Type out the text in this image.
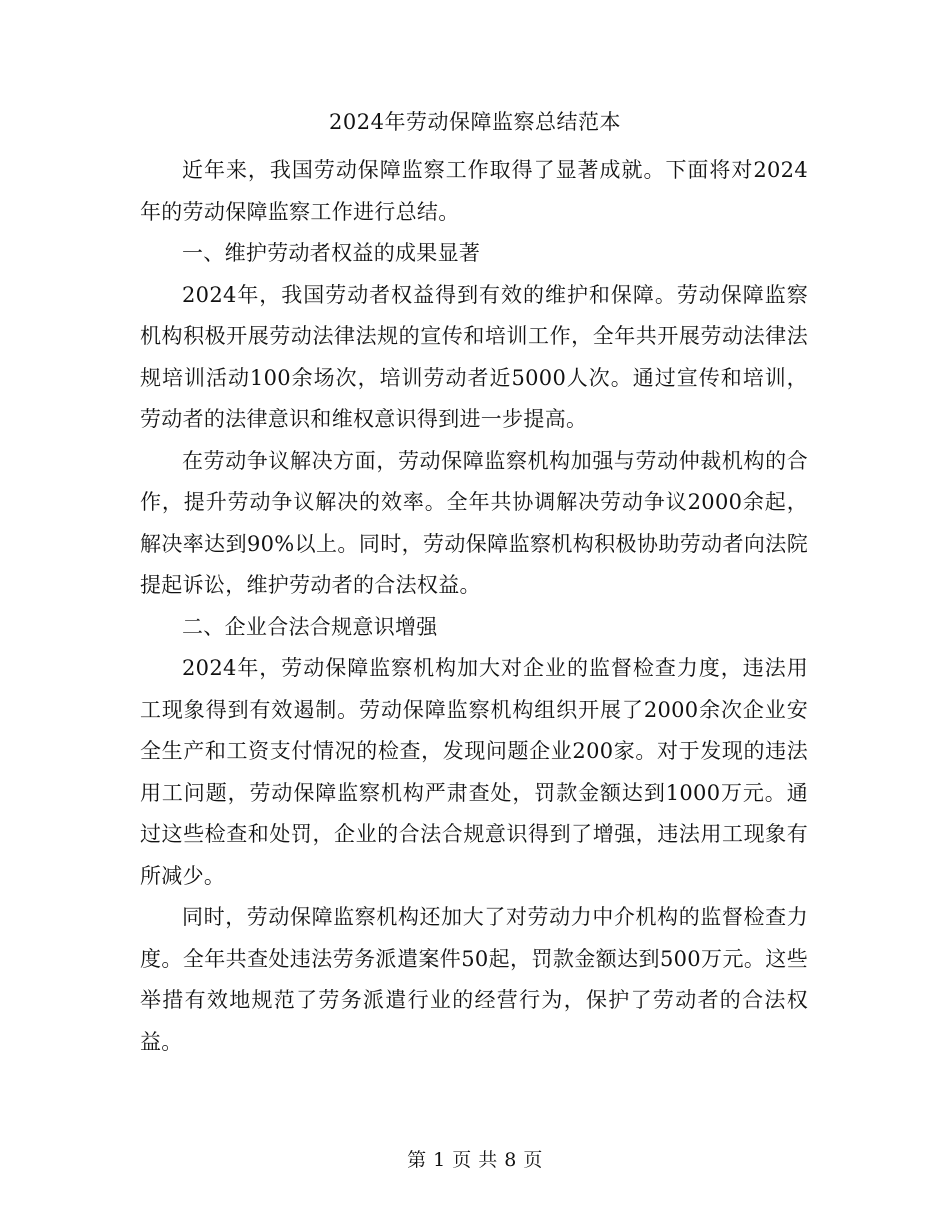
2024年劳动保障监察总结范本

近年来，我国劳动保障监察工作取得了显著成就。下面将对2024年的劳动保障监察工作进行总结。

一、维护劳动者权益的成果显著

2024年，我国劳动者权益得到有效的维护和保障。劳动保障监察机构积极开展劳动法律法规的宣传和培训工作，全年共开展劳动法律法规培训活动100余场次，培训劳动者近5000人次。通过宣传和培训，劳动者的法律意识和维权意识得到进一步提高。

在劳动争议解决方面，劳动保障监察机构加强与劳动仲裁机构的合作，提升劳动争议解决的效率。全年共协调解决劳动争议2000余起，解决率达到90%以上。同时，劳动保障监察机构积极协助劳动者向法院提起诉讼，维护劳动者的合法权益。

二、企业合法合规意识增强

2024年，劳动保障监察机构加大对企业的监督检查力度，违法用工现象得到有效遏制。劳动保障监察机构组织开展了2000余次企业安全生产和工资支付情况的检查，发现问题企业200家。对于发现的违法用工问题，劳动保障监察机构严肃查处，罚款金额达到1000万元。通过这些检查和处罚，企业的合法合规意识得到了增强，违法用工现象有所减少。

同时，劳动保障监察机构还加大了对劳动力中介机构的监督检查力度。全年共查处违法劳务派遣案件50起，罚款金额达到500万元。这些举措有效地规范了劳务派遣行业的经营行为，保护了劳动者的合法权益。

第 1 页 共 8 页
